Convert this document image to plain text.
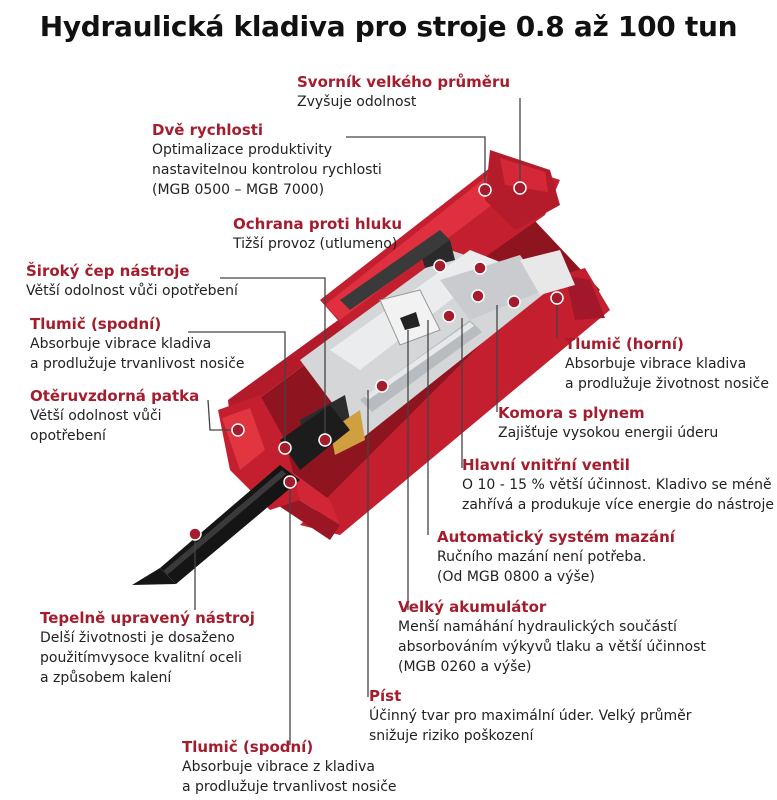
Hydraulická kladiva pro stroje 0.8 až 100 tun
Svorník velkého průměru
Zvyšuje odolnost
Dvě rychlosti
Optimalizace produktivity
nastavitelnou kontrolou rychlosti
(MGB 0500 – MGB 7000)
Ochrana proti hluku
Tižší provoz (utlumeno)
Široký čep nástroje
Větší odolnost vůči opotřebení
Tlumič (spodní)
Absorbuje vibrace kladiva
a prodlužuje trvanlivost nosiče
Otěruvzdorná patka
Větší odolnost vůči
opotřebení
Tlumič (horní)
Absorbuje vibrace kladiva
a prodlužuje životnost nosiče
Komora s plynem
Zajišťuje vysokou energii úderu
Hlavní vnitřní ventil
O 10 - 15 % větší účinnost. Kladivo se méně
zahřívá a produkuje více energie do nástroje
Automatický systém mazání
Ručního mazání není potřeba.
(Od MGB 0800 a výše)
Velký akumulátor
Menší namáhání hydraulických součástí
absorbováním výkyvů tlaku a větší účinnost
(MGB 0260 a výše)
Tepelně upravený nástroj
Delší životnosti je dosaženo
použitímvysoce kvalitní oceli
a způsobem kalení
Píst
Účinný tvar pro maximální úder. Velký průměr
snižuje riziko poškození
Tlumič (spodní)
Absorbuje vibrace z kladiva
a prodlužuje trvanlivost nosiče
